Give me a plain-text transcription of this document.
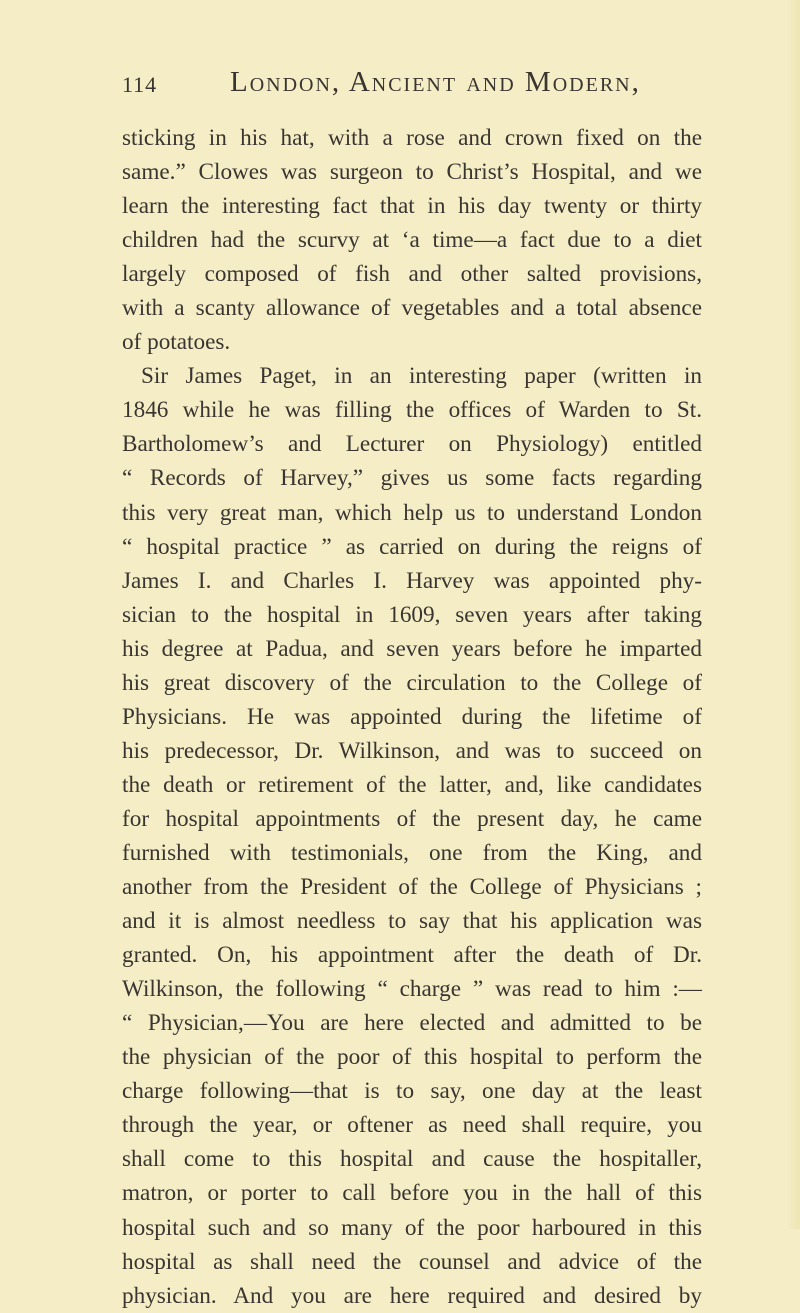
114	London, Ancient and Modern,
sticking in his hat, with a rose and crown fixed on the
same.” Clowes was surgeon to Christ’s Hospital, and we
learn the interesting fact that in his day twenty or thirty
children had the scurvy at ‘a time—a fact due to a diet
largely composed of fish and other salted provisions,
with a scanty allowance of vegetables and a total absence
of potatoes.
Sir James Paget, in an interesting paper (written in
1846 while he was filling the offices of Warden to St.
Bartholomew’s and Lecturer on Physiology) entitled
“ Records of Harvey,” gives us some facts regarding
this very great man, which help us to understand London
“ hospital practice ” as carried on during the reigns of
James I. and Charles I. Harvey was appointed phy-
sician to the hospital in 1609, seven years after taking
his degree at Padua, and seven years before he imparted
his great discovery of the circulation to the College of
Physicians. He was appointed during the lifetime of
his predecessor, Dr. Wilkinson, and was to succeed on
the death or retirement of the latter, and, like candidates
for hospital appointments of the present day, he came
furnished with testimonials, one from the King, and
another from the President of the College of Physicians ;
and it is almost needless to say that his application was
granted. On, his appointment after the death of Dr.
Wilkinson, the following “ charge ” was read to him :—
“ Physician,—You are here elected and admitted to be
the physician of the poor of this hospital to perform the
charge following—that is to say, one day at the least
through the year, or oftener as need shall require, you
shall come to this hospital and cause the hospitaller,
matron, or porter to call before you in the hall of this
hospital such and so many of the poor harboured in this
hospital as shall need the counsel and advice of the
physician. And you are here required and desired by
